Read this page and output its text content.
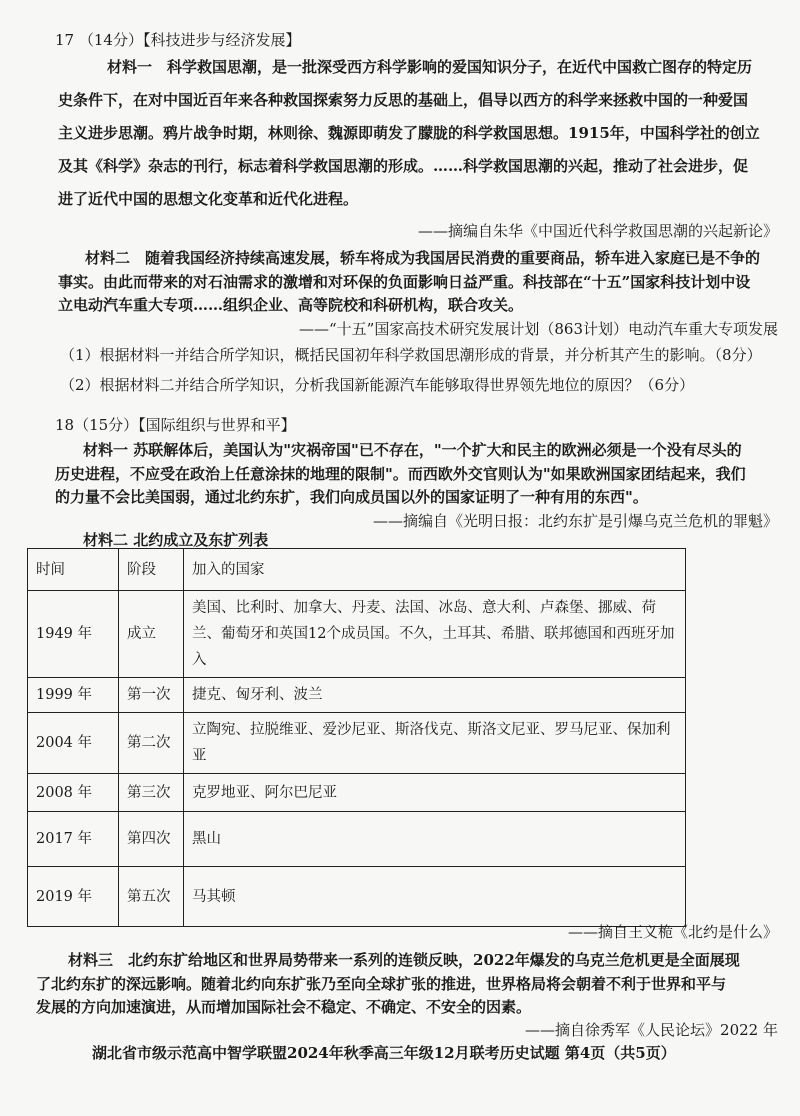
17 （14分）【科技进步与经济发展】
材料一　科学救国思潮，是一批深受西方科学影响的爱国知识分子，在近代中国救亡图存的特定历
史条件下，在对中国近百年来各种救国探索努力反思的基础上，倡导以西方的科学来拯救中国的一种爱国
主义进步思潮。鸦片战争时期，林则徐、魏源即萌发了朦胧的科学救国思想。1915年，中国科学社的创立
及其《科学》杂志的刊行，标志着科学救国思潮的形成。……科学救国思潮的兴起，推动了社会进步，促
进了近代中国的思想文化变革和近代化进程。
——摘编自朱华《中国近代科学救国思潮的兴起新论》
材料二　随着我国经济持续高速发展，轿车将成为我国居民消费的重要商品，轿车进入家庭已是不争的
事实。由此而带来的对石油需求的激增和对环保的负面影响日益严重。科技部在“十五”国家科技计划中设
立电动汽车重大专项……组织企业、高等院校和科研机构，联合攻关。
——“十五”国家高技术研究发展计划（863计划）电动汽车重大专项发展
（1）根据材料一并结合所学知识，概括民国初年科学救国思潮形成的背景，并分析其产生的影响。（8分）
（2）根据材料二并结合所学知识，分析我国新能源汽车能够取得世界领先地位的原因？（6分）
18（15分）【国际组织与世界和平】
材料一 苏联解体后，美国认为"灾祸帝国"已不存在，"一个扩大和民主的欧洲必须是一个没有尽头的
历史进程，不应受在政治上任意涂抹的地理的限制"。而西欧外交官则认为"如果欧洲国家团结起来，我们
的力量不会比美国弱，通过北约东扩，我们向成员国以外的国家证明了一种有用的东西"。
——摘编自《光明日报：北约东扩是引爆乌克兰危机的罪魁》
材料二 北约成立及东扩列表
时间	阶段	加入的国家
1949 年	成立	美国、比利时、加拿大、丹麦、法国、冰岛、意大利、卢森堡、挪威、荷兰、葡萄牙和英国12个成员国。不久，土耳其、希腊、联邦德国和西班牙加入
1999 年	第一次	捷克、匈牙利、波兰
2004 年	第二次	立陶宛、拉脱维亚、爱沙尼亚、斯洛伐克、斯洛文尼亚、罗马尼亚、保加利亚
2008 年	第三次	克罗地亚、阿尔巴尼亚
2017 年	第四次	黑山
2019 年	第五次	马其顿
——摘自王义桅《北约是什么》
材料三　北约东扩给地区和世界局势带来一系列的连锁反映，2022年爆发的乌克兰危机更是全面展现
了北约东扩的深远影响。随着北约向东扩张乃至向全球扩张的推进，世界格局将会朝着不利于世界和平与
发展的方向加速演进，从而增加国际社会不稳定、不确定、不安全的因素。
——摘自徐秀军《人民论坛》2022 年
湖北省市级示范高中智学联盟2024年秋季高三年级12月联考历史试题 第4页（共5页）
